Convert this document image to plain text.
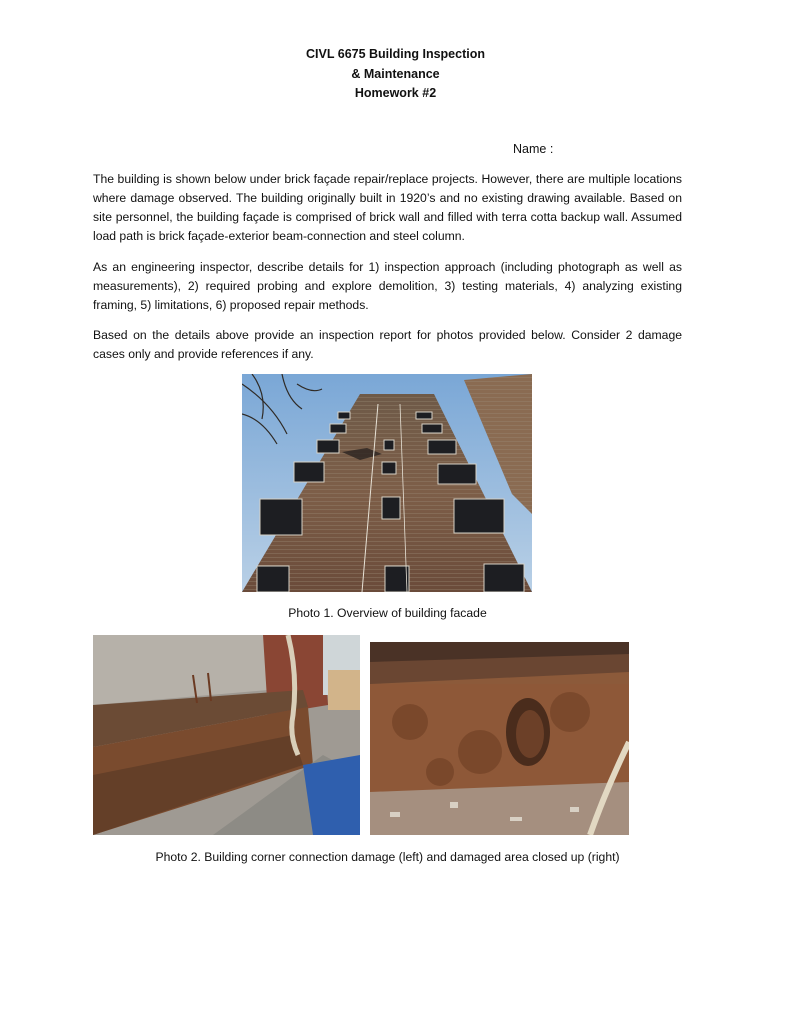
CIVL 6675 Building Inspection
& Maintenance
Homework #2
Name :

The building is shown below under brick façade repair/replace projects. However, there are multiple locations where damage observed. The building originally built in 1920’s and no existing drawing available. Based on site personnel, the building façade is comprised of brick wall and filled with terra cotta backup wall. Assumed load path is brick façade-exterior beam-connection and steel column.

As an engineering inspector, describe details for 1) inspection approach (including photograph as well as measurements), 2) required probing and explore demolition, 3) testing materials, 4) analyzing existing framing, 5) limitations, 6) proposed repair methods.

Based on the details above provide an inspection report for photos provided below. Consider 2 damage cases only and provide references if any.

Photo 1. Overview of building facade
Photo 2. Building corner connection damage (left) and damaged area closed up (right)
